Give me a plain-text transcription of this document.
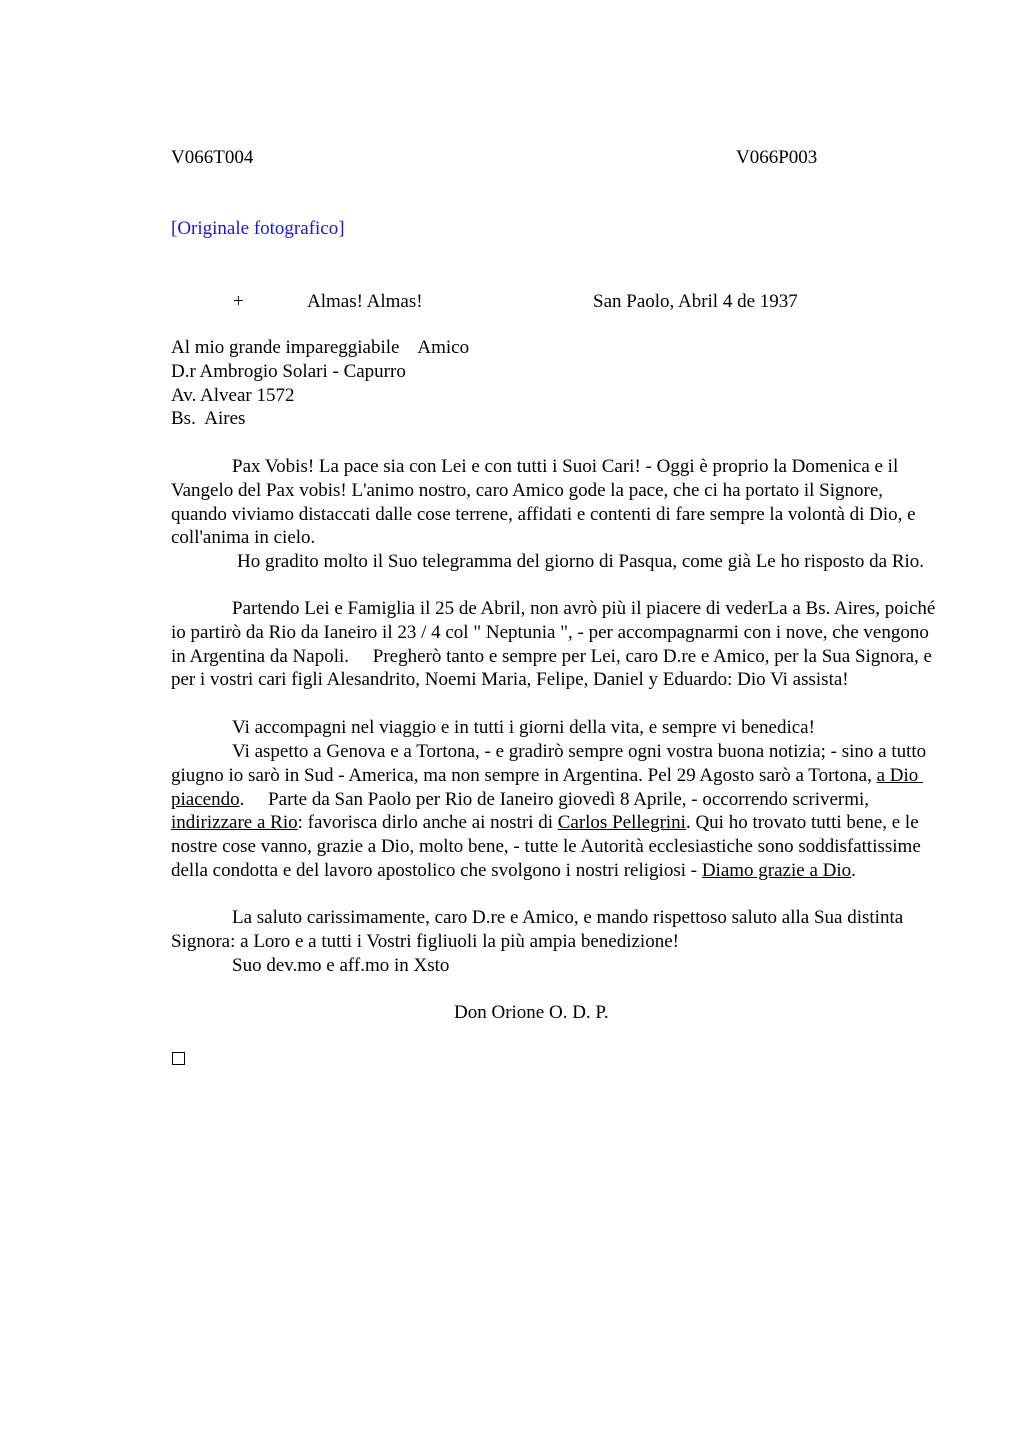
V066T004	V066P003
[Originale fotografico]
+	Almas! Almas!	San Paolo, Abril 4 de 1937
Al mio grande impareggiabile    Amico
D.r Ambrogio Solari - Capurro
Av. Alvear 1572
Bs.  Aires
Pax Vobis! La pace sia con Lei e con tutti i Suoi Cari! - Oggi è proprio la Domenica e il Vangelo del Pax vobis! L'animo nostro, caro Amico gode la pace, che ci ha portato il Signore, quando viviamo distaccati dalle cose terrene, affidati e contenti di fare sempre la volontà di Dio, e coll'anima in cielo.
Ho gradito molto il Suo telegramma del giorno di Pasqua, come già Le ho risposto da Rio.
Partendo Lei e Famiglia il 25 de Abril, non avrò più il piacere di vederLa a Bs. Aires, poiché io partirò da Rio da Ianeiro il 23 / 4 col " Neptunia ", - per accompagnarmi con i nove, che vengono in Argentina da Napoli.     Pregherò tanto e sempre per Lei, caro D.re e Amico, per la Sua Signora, e per i vostri cari figli Alesandrito, Noemi Maria, Felipe, Daniel y Eduardo: Dio Vi assista!
Vi accompagni nel viaggio e in tutti i giorni della vita, e sempre vi benedica!
Vi aspetto a Genova e a Tortona, - e gradirò sempre ogni vostra buona notizia; - sino a tutto giugno io sarò in Sud - America, ma non sempre in Argentina. Pel 29 Agosto sarò a Tortona, a Dio piacendo.     Parte da San Paolo per Rio de Ianeiro giovedì 8 Aprile, - occorrendo scrivermi, indirizzare a Rio: favorisca dirlo anche ai nostri di Carlos Pellegrini. Qui ho trovato tutti bene, e le nostre cose vanno, grazie a Dio, molto bene, - tutte le Autorità ecclesiastiche sono soddisfattissime della condotta e del lavoro apostolico che svolgono i nostri religiosi - Diamo grazie a Dio.
La saluto carissimamente, caro D.re e Amico, e mando rispettoso saluto alla Sua distinta Signora: a Loro e a tutti i Vostri figliuoli la più ampia benedizione!
Suo dev.mo e aff.mo in Xsto
Don Orione O. D. P.
